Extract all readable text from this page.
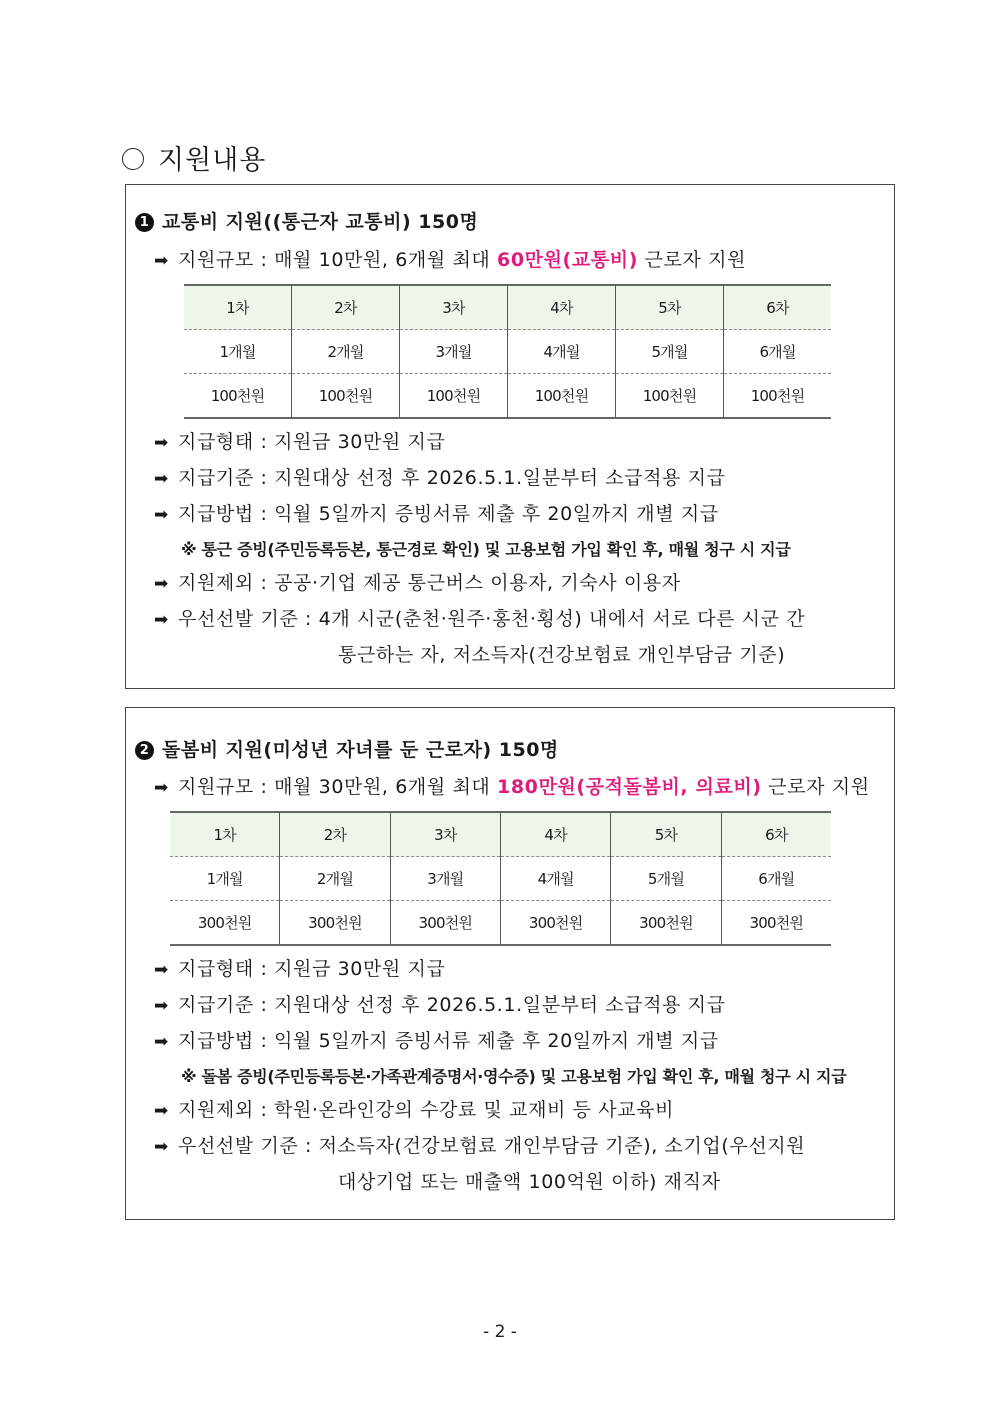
지원내용
1 교통비 지원((통근자 교통비) 150명
➡ 지원규모 : 매월 10만원, 6개월 최대 60만원(교통비) 근로자 지원
1차	2차	3차	4차	5차	6차
1개월	2개월	3개월	4개월	5개월	6개월
100천원	100천원	100천원	100천원	100천원	100천원
➡ 지급형태 : 지원금 30만원 지급
➡ 지급기준 : 지원대상 선정 후 2026.5.1.일분부터 소급적용 지급
➡ 지급방법 : 익월 5일까지 증빙서류 제출 후 20일까지 개별 지급
※ 통근 증빙(주민등록등본, 통근경로 확인) 및 고용보험 가입 확인 후, 매월 청구 시 지급
➡ 지원제외 : 공공·기업 제공 통근버스 이용자, 기숙사 이용자
➡ 우선선발 기준 : 4개 시군(춘천·원주·홍천·횡성) 내에서 서로 다른 시군 간
통근하는 자, 저소득자(건강보험료 개인부담금 기준)
2 돌봄비 지원(미성년 자녀를 둔 근로자) 150명
➡ 지원규모 : 매월 30만원, 6개월 최대 180만원(공적돌봄비, 의료비) 근로자 지원
1차	2차	3차	4차	5차	6차
1개월	2개월	3개월	4개월	5개월	6개월
300천원	300천원	300천원	300천원	300천원	300천원
➡ 지급형태 : 지원금 30만원 지급
➡ 지급기준 : 지원대상 선정 후 2026.5.1.일분부터 소급적용 지급
➡ 지급방법 : 익월 5일까지 증빙서류 제출 후 20일까지 개별 지급
※ 돌봄 증빙(주민등록등본·가족관계증명서·영수증) 및 고용보험 가입 확인 후, 매월 청구 시 지급
➡ 지원제외 : 학원·온라인강의 수강료 및 교재비 등 사교육비
➡ 우선선발 기준 : 저소득자(건강보험료 개인부담금 기준), 소기업(우선지원
대상기업 또는 매출액 100억원 이하) 재직자
- 2 -
